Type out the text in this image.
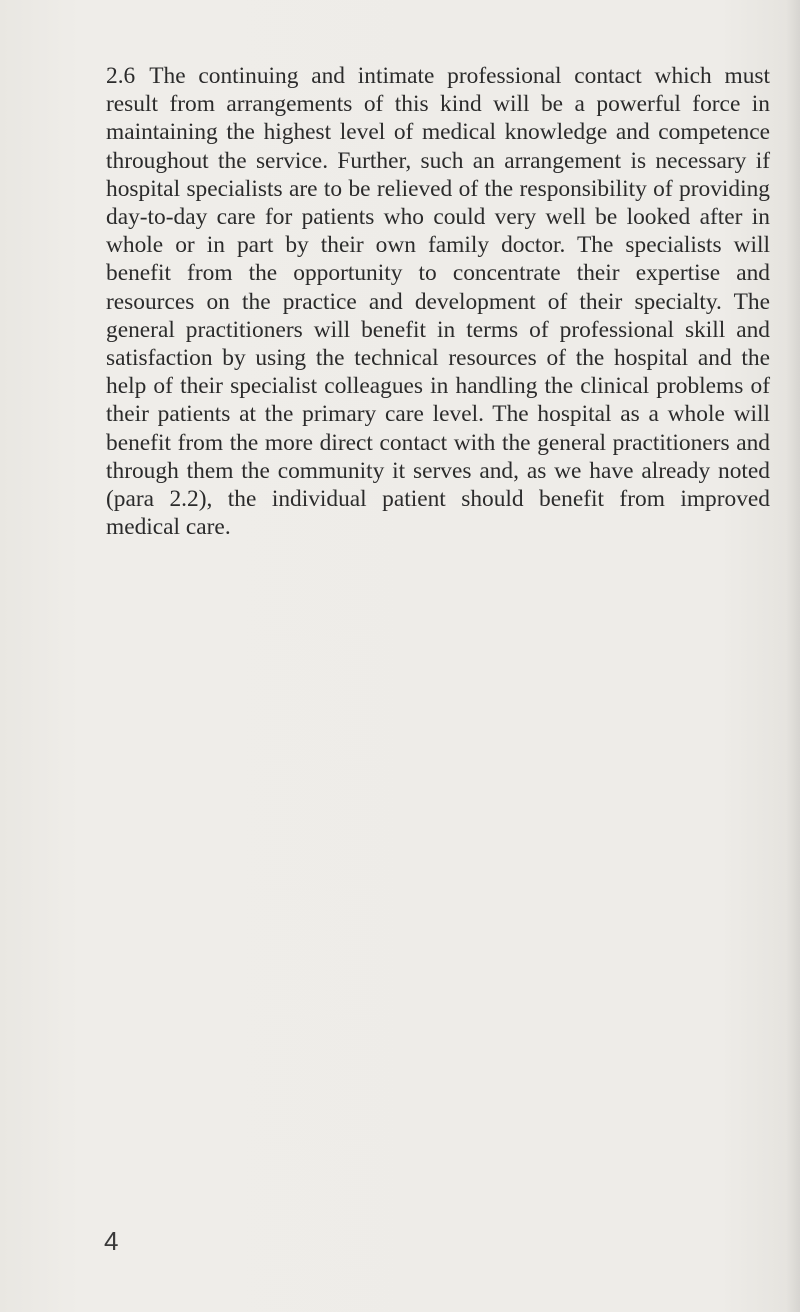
2.6 The continuing and intimate professional contact which must result from arrangements of this kind will be a powerful force in maintaining the highest level of medical knowledge and competence throughout the service. Further, such an arrangement is necessary if hospital specialists are to be relieved of the responsibility of providing day-to-day care for patients who could very well be looked after in whole or in part by their own family doctor. The specialists will benefit from the opportunity to concentrate their expertise and resources on the practice and development of their specialty. The general practitioners will benefit in terms of professional skill and satisfaction by using the technical resources of the hospital and the help of their specialist colleagues in handling the clinical problems of their patients at the primary care level. The hospital as a whole will benefit from the more direct contact with the general practitioners and through them the community it serves and, as we have already noted (para 2.2), the individual patient should benefit from improved medical care.

4
